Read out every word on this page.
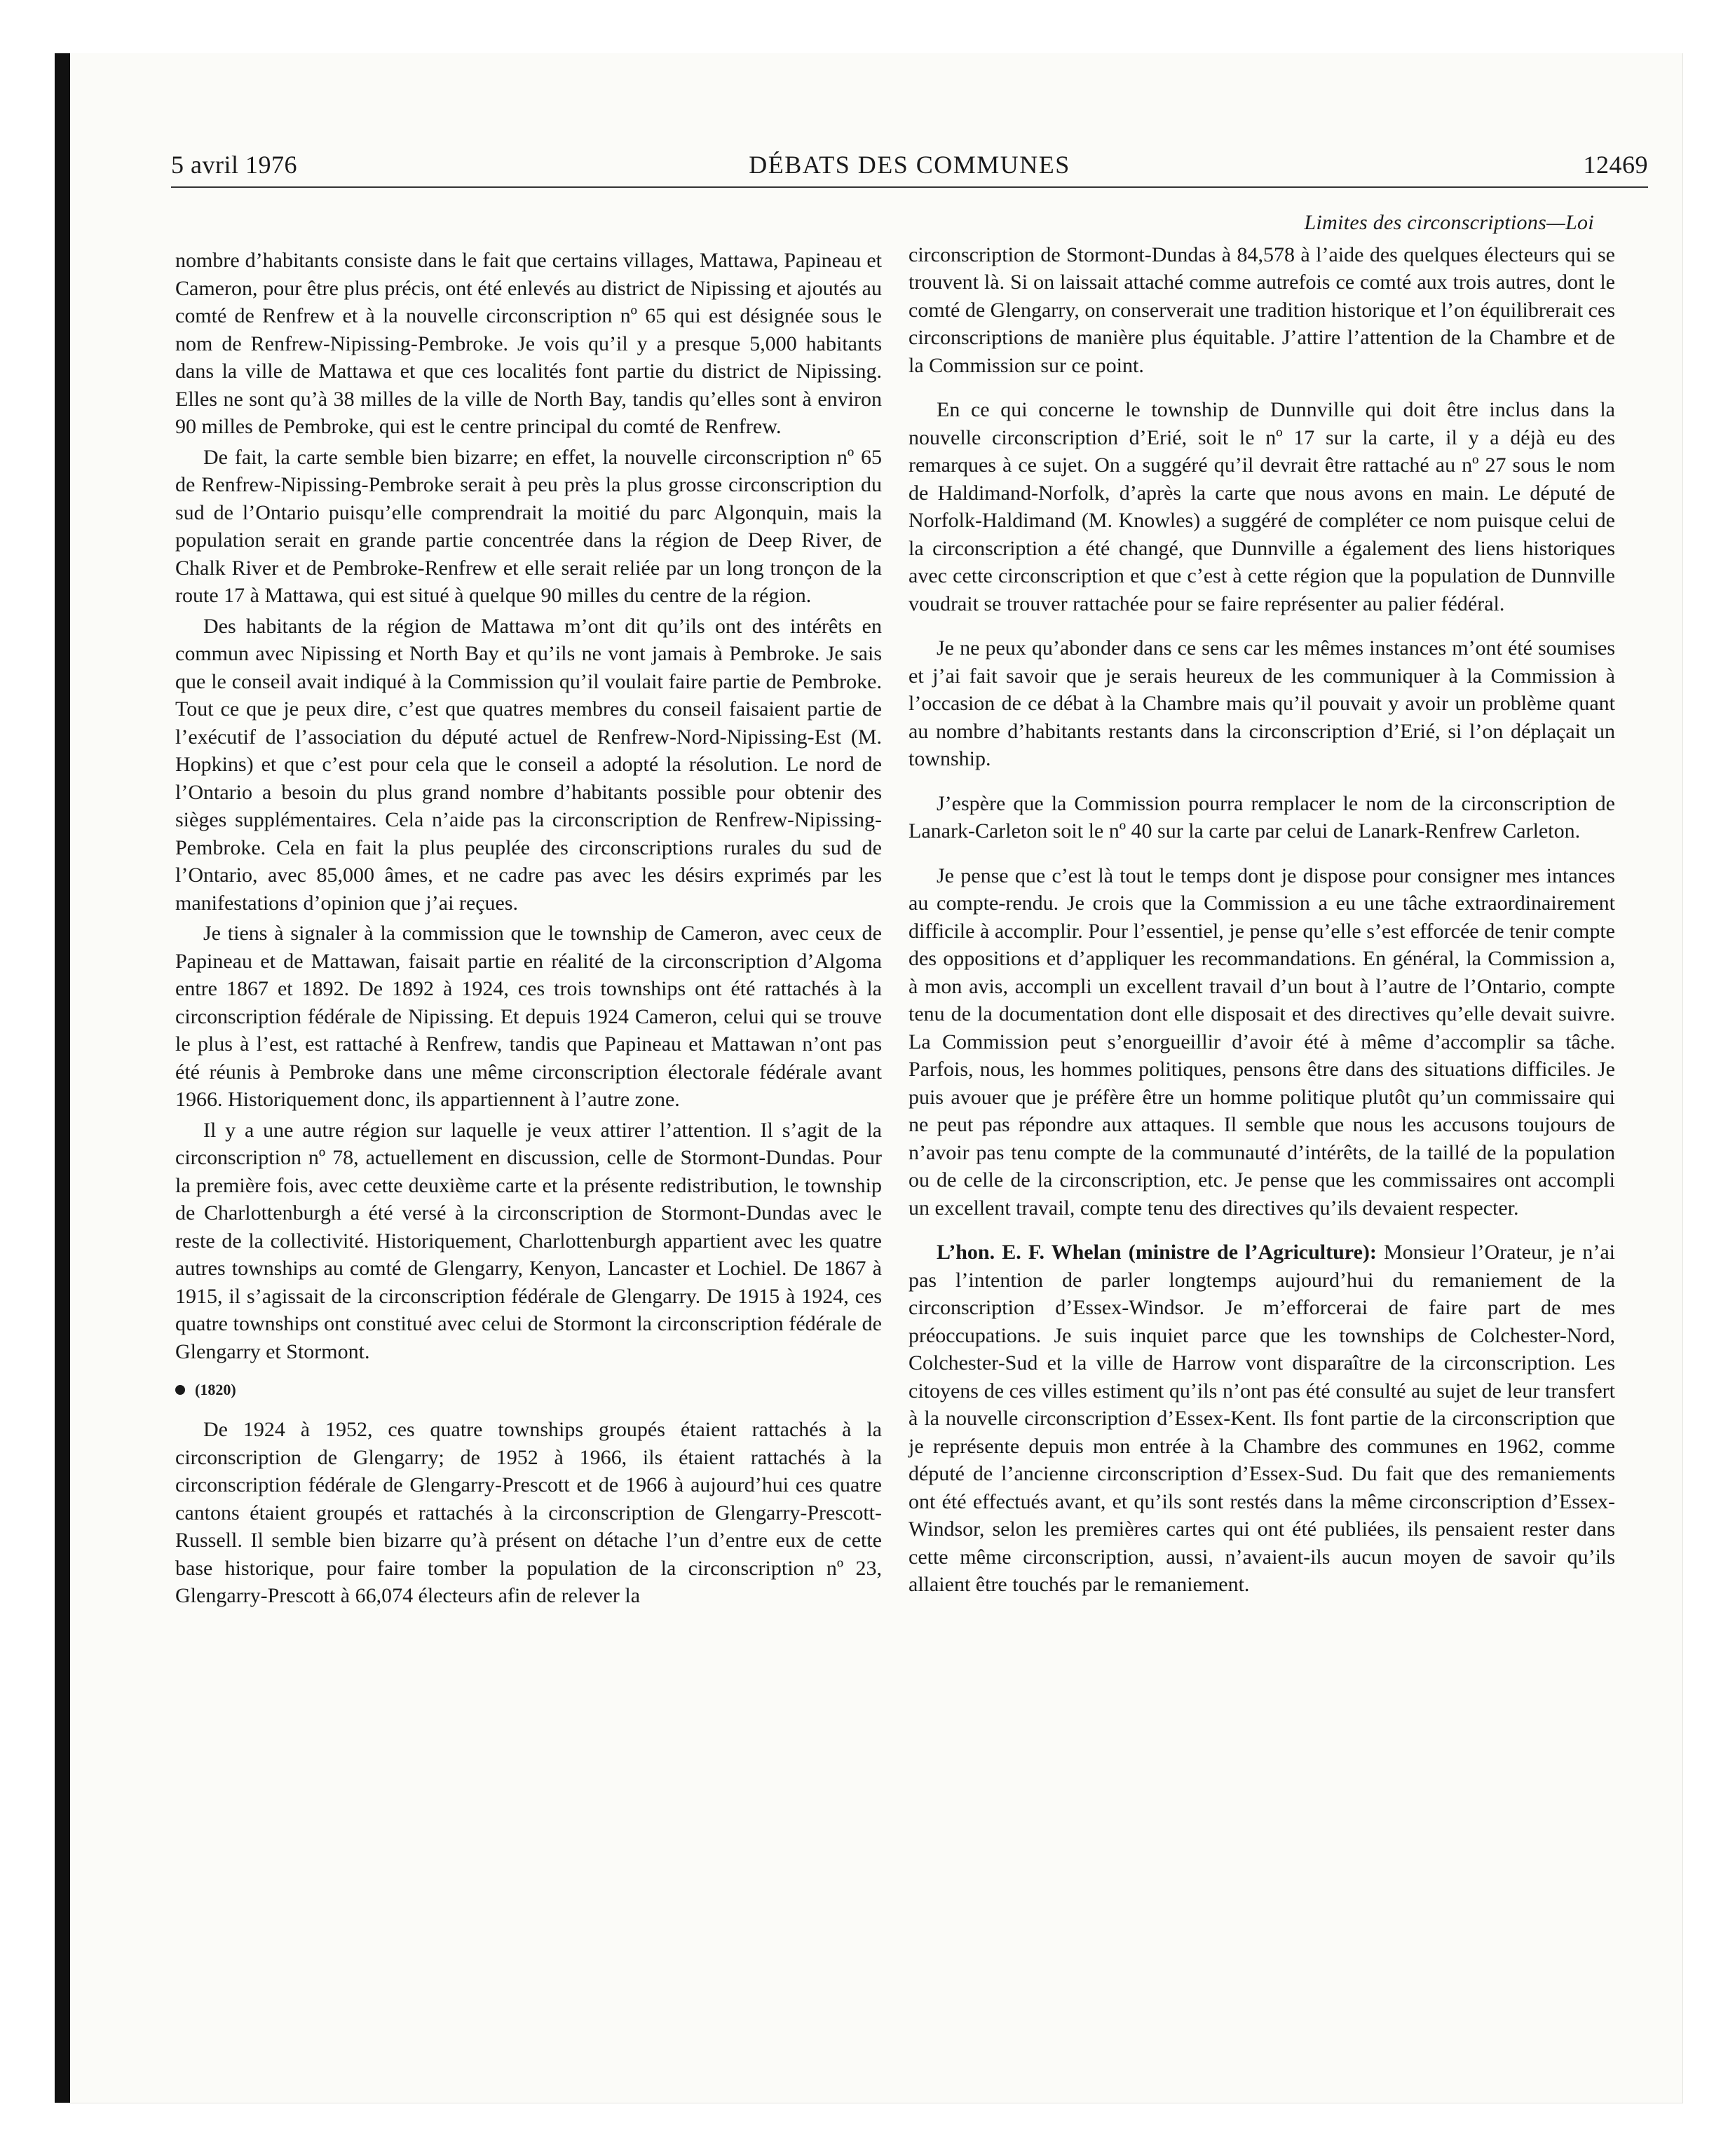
5 avril 1976	DÉBATS DES COMMUNES	12469

nombre d’habitants consiste dans le fait que certains villages, Mattawa, Papineau et Cameron, pour être plus précis, ont été enlevés au district de Nipissing et ajoutés au comté de Renfrew et à la nouvelle circonscription nº 65 qui est désignée sous le nom de Renfrew-Nipissing-Pembroke. Je vois qu’il y a presque 5,000 habitants dans la ville de Mattawa et que ces localités font partie du district de Nipissing. Elles ne sont qu’à 38 milles de la ville de North Bay, tandis qu’elles sont à environ 90 milles de Pembroke, qui est le centre principal du comté de Renfrew.

De fait, la carte semble bien bizarre; en effet, la nouvelle circonscription nº 65 de Renfrew-Nipissing-Pembroke serait à peu près la plus grosse circonscription du sud de l’Ontario puisqu’elle comprendrait la moitié du parc Algonquin, mais la population serait en grande partie concentrée dans la région de Deep River, de Chalk River et de Pembroke-Renfrew et elle serait reliée par un long tronçon de la route 17 à Mattawa, qui est situé à quelque 90 milles du centre de la région.

Des habitants de la région de Mattawa m’ont dit qu’ils ont des intérêts en commun avec Nipissing et North Bay et qu’ils ne vont jamais à Pembroke. Je sais que le conseil avait indiqué à la Commission qu’il voulait faire partie de Pembroke. Tout ce que je peux dire, c’est que quatres membres du conseil faisaient partie de l’exécutif de l’association du député actuel de Renfrew-Nord-Nipissing-Est (M. Hopkins) et que c’est pour cela que le conseil a adopté la résolution. Le nord de l’Ontario a besoin du plus grand nombre d’habitants possible pour obtenir des sièges supplémentaires. Cela n’aide pas la circonscription de Renfrew-Nipissing-Pembroke. Cela en fait la plus peuplée des circonscriptions rurales du sud de l’Ontario, avec 85,000 âmes, et ne cadre pas avec les désirs exprimés par les manifestations d’opinion que j’ai reçues.

Je tiens à signaler à la commission que le township de Cameron, avec ceux de Papineau et de Mattawan, faisait partie en réalité de la circonscription d’Algoma entre 1867 et 1892. De 1892 à 1924, ces trois townships ont été rattachés à la circonscription fédérale de Nipissing. Et depuis 1924 Cameron, celui qui se trouve le plus à l’est, est rattaché à Renfrew, tandis que Papineau et Mattawan n’ont pas été réunis à Pembroke dans une même circonscription électorale fédérale avant 1966. Historiquement donc, ils appartiennent à l’autre zone.

Il y a une autre région sur laquelle je veux attirer l’attention. Il s’agit de la circonscription nº 78, actuellement en discussion, celle de Stormont-Dundas. Pour la première fois, avec cette deuxième carte et la présente redistribution, le township de Charlottenburgh a été versé à la circonscription de Stormont-Dundas avec le reste de la collectivité. Historiquement, Charlottenburgh appartient avec les quatre autres townships au comté de Glengarry, Kenyon, Lancaster et Lochiel. De 1867 à 1915, il s’agissait de la circonscription fédérale de Glengarry. De 1915 à 1924, ces quatre townships ont constitué avec celui de Stormont la circonscription fédérale de Glengarry et Stormont.

(1820)

De 1924 à 1952, ces quatre townships groupés étaient rattachés à la circonscription de Glengarry; de 1952 à 1966, ils étaient rattachés à la circonscription fédérale de Glengarry-Prescott et de 1966 à aujourd’hui ces quatre cantons étaient groupés et rattachés à la circonscription de Glengarry-Prescott-Russell. Il semble bien bizarre qu’à présent on détache l’un d’entre eux de cette base historique, pour faire tomber la population de la circonscription nº 23, Glengarry-Prescott à 66,074 électeurs afin de relever la

Limites des circonscriptions—Loi

circonscription de Stormont-Dundas à 84,578 à l’aide des quelques électeurs qui se trouvent là. Si on laissait attaché comme autrefois ce comté aux trois autres, dont le comté de Glengarry, on conserverait une tradition historique et l’on équilibrerait ces circonscriptions de manière plus équitable. J’attire l’attention de la Chambre et de la Commission sur ce point.

En ce qui concerne le township de Dunnville qui doit être inclus dans la nouvelle circonscription d’Erié, soit le nº 17 sur la carte, il y a déjà eu des remarques à ce sujet. On a suggéré qu’il devrait être rattaché au nº 27 sous le nom de Haldimand-Norfolk, d’après la carte que nous avons en main. Le député de Norfolk-Haldimand (M. Knowles) a suggéré de compléter ce nom puisque celui de la circonscription a été changé, que Dunnville a également des liens historiques avec cette circonscription et que c’est à cette région que la population de Dunnville voudrait se trouver rattachée pour se faire représenter au palier fédéral.

Je ne peux qu’abonder dans ce sens car les mêmes instances m’ont été soumises et j’ai fait savoir que je serais heureux de les communiquer à la Commission à l’occasion de ce débat à la Chambre mais qu’il pouvait y avoir un problème quant au nombre d’habitants restants dans la circonscription d’Erié, si l’on déplaçait un township.

J’espère que la Commission pourra remplacer le nom de la circonscription de Lanark-Carleton soit le nº 40 sur la carte par celui de Lanark-Renfrew Carleton.

Je pense que c’est là tout le temps dont je dispose pour consigner mes intances au compte-rendu. Je crois que la Commission a eu une tâche extraordinairement difficile à accomplir. Pour l’essentiel, je pense qu’elle s’est efforcée de tenir compte des oppositions et d’appliquer les recommandations. En général, la Commission a, à mon avis, accompli un excellent travail d’un bout à l’autre de l’Ontario, compte tenu de la documentation dont elle disposait et des directives qu’elle devait suivre. La Commission peut s’enorgueillir d’avoir été à même d’accomplir sa tâche. Parfois, nous, les hommes politiques, pensons être dans des situations difficiles. Je puis avouer que je préfère être un homme politique plutôt qu’un commissaire qui ne peut pas répondre aux attaques. Il semble que nous les accusons toujours de n’avoir pas tenu compte de la communauté d’intérêts, de la taillé de la population ou de celle de la circonscription, etc. Je pense que les commissaires ont accompli un excellent travail, compte tenu des directives qu’ils devaient respecter.

L’hon. E. F. Whelan (ministre de l’Agriculture): Monsieur l’Orateur, je n’ai pas l’intention de parler longtemps aujourd’hui du remaniement de la circonscription d’Essex-Windsor. Je m’efforcerai de faire part de mes préoccupations. Je suis inquiet parce que les townships de Colchester-Nord, Colchester-Sud et la ville de Harrow vont disparaître de la circonscription. Les citoyens de ces villes estiment qu’ils n’ont pas été consulté au sujet de leur transfert à la nouvelle circonscription d’Essex-Kent. Ils font partie de la circonscription que je représente depuis mon entrée à la Chambre des communes en 1962, comme député de l’ancienne circonscription d’Essex-Sud. Du fait que des remaniements ont été effectués avant, et qu’ils sont restés dans la même circonscription d’Essex-Windsor, selon les premières cartes qui ont été publiées, ils pensaient rester dans cette même circonscription, aussi, n’avaient-ils aucun moyen de savoir qu’ils allaient être touchés par le remaniement.
